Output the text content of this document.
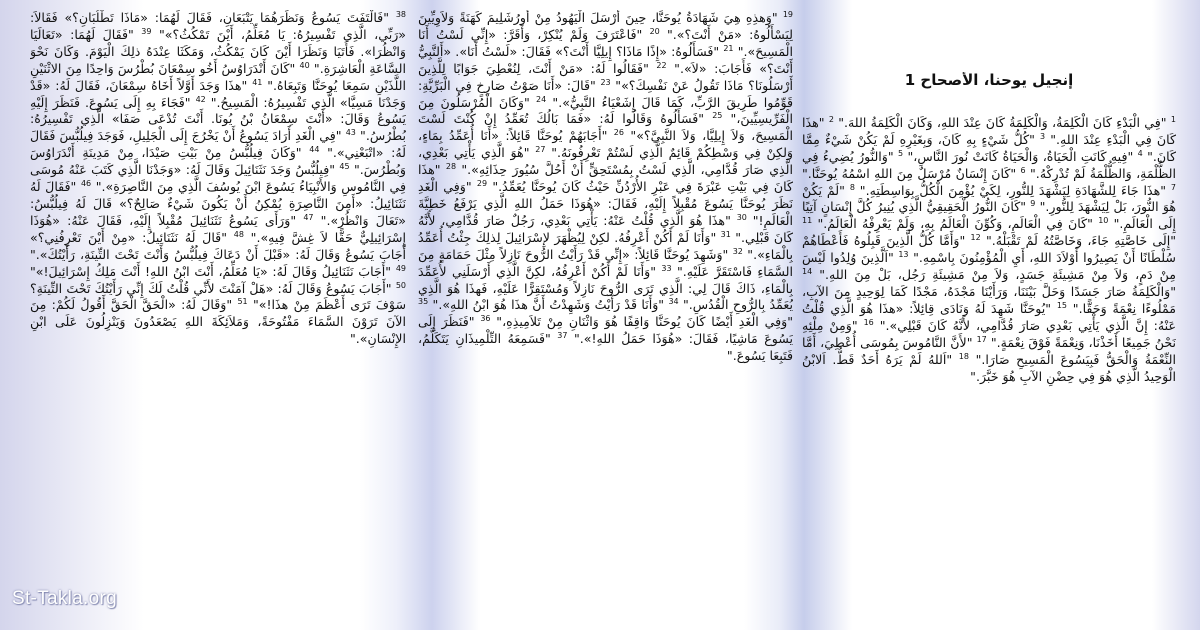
إنجيل يوحنا، الأصحاح 1
$^1$ "فِي الْبَدْءِ كَانَ الْكَلِمَةُ، وَالْكَلِمَةُ كَانَ عِنْدَ اللهِ، وَكَانَ الْكَلِمَةُ اللهَ." $^2$ "هذَا كَانَ فِي الْبَدْءِ عِنْدَ اللهِ." $^3$ "كُلُّ شَيْءٍ بِهِ كَانَ، وَبِغَيْرِهِ لَمْ يَكُنْ شَيْءٌ مِمَّا كَانَ." $^4$ "فِيهِ كَانَتِ الْحَيَاةُ، وَالْحَيَاةُ كَانَتْ نُورَ النَّاسِ،" $^5$ "وَالنُّورُ يُضِيءُ فِي الظُّلْمَةِ، وَالظُّلْمَةُ لَمْ تُدْرِكْهُ." $^6$ "كَانَ إِنْسَانٌ مُرْسَلٌ مِنَ اللهِ اسْمُهُ يُوحَنَّا." $^7$ "هذَا جَاءَ لِلشَّهَادَةِ لِيَشْهَدَ لِلنُّورِ، لِكَيْ يُؤْمِنَ الْكُلُّ بِوَاسِطَتِهِ." $^8$ "لَمْ يَكُنْ هُوَ النُّورَ، بَلْ لِيَشْهَدَ لِلنُّورِ." $^9$ "كَانَ النُّورُ الْحَقِيقِيُّ الَّذِي يُنِيرُ كُلَّ إِنْسَانٍ آتِيًا إِلَى الْعَالَمِ." $^{10}$ "كَانَ فِي الْعَالَمِ، وَكُوِّنَ الْعَالَمُ بِهِ، وَلَمْ يَعْرِفْهُ الْعَالَمُ." $^{11}$ "إِلَى خَاصَّتِهِ جَاءَ، وَخَاصَّتُهُ لَمْ تَقْبَلْهُ." $^{12}$ "وَأَمَّا كُلُّ الَّذِينَ قَبِلُوهُ فَأَعْطَاهُمْ سُلْطَانًا أَنْ يَصِيرُوا أَوْلاَدَ اللهِ، أَيِ الْمُؤْمِنُونَ بِاسْمِهِ." $^{13}$ "اَلَّذِينَ وُلِدُوا لَيْسَ مِنْ دَمٍ، وَلاَ مِنْ مَشِيئَةِ جَسَدٍ، وَلاَ مِنْ مَشِيئَةِ رَجُل، بَلْ مِنَ اللهِ." $^{14}$ "وَالْكَلِمَةُ صَارَ جَسَدًا وَحَلَّ بَيْنَنَا، وَرَأَيْنَا مَجْدَهُ، مَجْدًا كَمَا لِوَحِيدٍ مِنَ الآبِ، مَمْلُوءًا نِعْمَةً وَحَقًّا." $^{15}$ "يُوحَنَّا شَهِدَ لَهُ وَنَادَى قِائِلاً: «هذَا هُوَ الَّذِي قُلْتُ عَنْهُ: إِنَّ الَّذِي يَأْتِي بَعْدِي صَارَ قُدَّامِي، لأَنَّهُ كَانَ قَبْلِي»." $^{16}$ "وَمِنْ مِلْئِهِ نَحْنُ جَمِيعًا أَخَذْنَا، وَنِعْمَةً فَوْقَ نِعْمَةٍ." $^{17}$ "لأَنَّ النَّامُوسَ بِمُوسَى أُعْطِيَ، أَمَّا النِّعْمَةُ وَالْحَقُّ فَبِيَسُوعَ الْمَسِيحِ صَارَا." $^{18}$ "اَللهُ لَمْ يَرَهُ أَحَدٌ قَطُّ. اَلابْنُ الْوَحِيدُ الَّذِي هُوَ فِي حِضْنِ الآبِ هُوَ خَبَّرَ."
$^{19}$ "وَهذِهِ هِيَ شَهَادَةُ يُوحَنَّا، حِينَ أَرْسَلَ الْيَهُودُ مِنْ أُورُشَلِيمَ كَهَنَةً وَلاَوِيِّينَ لِيَسْأَلُوهُ: «مَنْ أَنْتَ؟»." $^{20}$ "فَاعْتَرَفَ وَلَمْ يُنْكِرْ، وَأَقَرَّ: «إِنِّي لَسْتُ أَنَا الْمَسِيحَ»." $^{21}$ "فَسَأَلُوهُ: «إِذًا مَاذَا؟ إِيلِيَّا أَنْتَ؟» فَقَالَ: «لَسْتُ أَنَا». «أَلنَّبِيُّ أَنْتَ؟» فَأَجَابَ: «لاَ»." $^{22}$ "فَقَالُوا لَهُ: «مَنْ أَنْتَ، لِنُعْطِيَ جَوَابًا لِلَّذِينَ أَرْسَلُونَا؟ مَاذَا تَقُولُ عَنْ نَفْسِكَ؟»" $^{23}$ "قَالَ: «أَنَا صَوْتُ صَارِخٍ فِي الْبَرِّيَّةِ: قَوِّمُوا طَرِيقَ الرَّبِّ، كَمَا قَالَ إِشَعْيَاءُ النَّبِيُّ»." $^{24}$ "وَكَانَ الْمُرْسَلُونَ مِنَ الْفَرِّيسِيِّينَ،" $^{25}$ "فَسَأَلُوهُ وَقَالُوا لَهُ: «فَمَا بَالُكَ تُعَمِّدُ إِنْ كُنْتَ لَسْتَ الْمَسِيحَ، وَلاَ إِيلِيَّا، وَلاَ النَّبِيَّ؟»" $^{26}$ "أَجَابَهُمْ يُوحَنَّا قَائِلاً: «أَنَا أُعَمِّدُ بِمَاءٍ، وَلكِنْ فِي وَسْطِكُمْ قَائِمٌ الَّذِي لَسْتُمْ تَعْرِفُونَهُ." $^{27}$ "هُوَ الَّذِي يَأْتِي بَعْدِي، الَّذِي صَارَ قُدَّامِي، الَّذِي لَسْتُ بِمُسْتَحِقٍّ أَنْ أَحُلَّ سُيُورَ حِذَائِهِ»." $^{28}$ "هذَا كَانَ فِي بَيْتِ عَبْرَةَ فِي عَبْرِ الأُرْدُنِّ حَيْثُ كَانَ يُوحَنَّا يُعَمِّدُ." $^{29}$ "وَفِي الْغَدِ نَظَرَ يُوحَنَّا يَسُوعَ مُقْبِلاً إِلَيْهِ، فَقَالَ: «هُوَذَا حَمَلُ اللهِ الَّذِي يَرْفَعُ خَطِيَّةَ الْعَالَمِ!" $^{30}$ "هذَا هُوَ الَّذِي قُلْتُ عَنْهُ: يَأْتِي بَعْدِي، رَجُلٌ صَارَ قُدَّامِي، لأَنَّهُ كَانَ قَبْلِي." $^{31}$ "وَأَنَا لَمْ أَكُنْ أَعْرِفُهُ. لكِنْ لِيُظْهَرَ لإِسْرَائِيلَ لِذلِكَ جِئْتُ أُعَمِّدُ بِالْمَاءِ»." $^{32}$ "وَشَهِدَ يُوحَنَّا قَائِلاً: «إِنِّي قَدْ رَأَيْتُ الرُّوحَ نَازِلاً مِثْلَ حَمَامَةٍ مِنَ السَّمَاءِ فَاسْتَقَرَّ عَلَيْهِ." $^{33}$ "وَأَنَا لَمْ أَكُنْ أَعْرِفُهُ، لكِنَّ الَّذِي أَرْسَلَنِي لأُعَمِّدَ بِالْمَاءِ، ذَاكَ قَالَ لِي: الَّذِي تَرَى الرُّوحَ نَازِلاً وَمُسْتَقِرًّا عَلَيْهِ، فَهذَا هُوَ الَّذِي يُعَمِّدُ بِالرُّوحِ الْقُدُسِ." $^{34}$ "وَأَنَا قَدْ رَأَيْتُ وَشَهِدْتُ أَنَّ هذَا هُوَ ابْنُ اللهِ»." $^{35}$ "وَفِي الْغَدِ أَيْضًا كَانَ يُوحَنَّا وَاقِفًا هُوَ وَاثْنَانِ مِنْ تَلاَمِيذِهِ،" $^{36}$ "فَنَظَرَ إِلَى يَسُوعَ مَاشِيًا، فَقَالَ: «هُوَذَا حَمَلُ اللهِ!»." $^{37}$ "فَسَمِعَهُ التِّلْمِيذَانِ يَتَكَلَّمُ، فَتَبِعَا يَسُوعَ."
$^{38}$ "فَالْتَفَتَ يَسُوعُ وَنَظَرَهُمَا يَتْبَعَانِ، فَقَالَ لَهُمَا: «مَاذَا تَطْلُبَانِ؟» فَقَالاَ: «رَبِّي، الَّذِي تَفْسِيرُهُ: يَا مُعَلِّمُ، أَيْنَ تَمْكُثُ؟»" $^{39}$ "فَقَالَ لَهُمَا: «تَعَالَيَا وَانْظُرَا». فَأَتَيَا وَنَظَرَا أَيْنَ كَانَ يَمْكُثُ، وَمَكَثَا عِنْدَهُ ذلِكَ الْيَوْمَ. وَكَانَ نَحْوَ السَّاعَةِ الْعَاشِرَةِ." $^{40}$ "كَانَ أَنْدَرَاوُسُ أَخُو سِمْعَانَ بُطْرُسَ وَاحِدًا مِنَ الاثْنَيْنِ اللَّذَيْنِ سَمِعَا يُوحَنَّا وَتَبِعَاهُ." $^{41}$ "هذَا وَجَدَ أَوَّلاً أَخَاهُ سِمْعَانَ، فَقَالَ لَهُ: «قَدْ وَجَدْنَا مَسِيَّا» الَّذِي تَفْسِيرُهُ: الْمَسِيحُ." $^{42}$ "فَجَاءَ بِهِ إِلَى يَسُوعَ. فَنَظَرَ إِلَيْهِ يَسُوعُ وَقَالَ: «أَنْتَ سِمْعَانُ بْنُ يُونَا. أَنْتَ تُدْعَى صَفَا» الَّذِي تَفْسِيرُهُ: بُطْرُسُ." $^{43}$ "فِي الْغَدِ أَرَادَ يَسُوعُ أَنْ يَخْرُجَ إِلَى الْجَلِيلِ، فَوَجَدَ فِيلُبُّسَ فَقَالَ لَهُ: «اتْبَعْنِي»." $^{44}$ "وَكَانَ فِيلُبُّسُ مِنْ بَيْتِ صَيْدَا، مِنْ مَدِينَةِ أَنْدَرَاوُسَ وَبُطْرُسَ." $^{45}$ "فِيلُبُّسُ وَجَدَ نَثَنَائِيلَ وَقَالَ لَهُ: «وَجَدْنَا الَّذِي كَتَبَ عَنْهُ مُوسَى فِي النَّامُوسِ وَالأَنْبِيَاءُ يَسُوعَ ابْنَ يُوسُفَ الَّذِي مِنَ النَّاصِرَةِ»." $^{46}$ "فَقَالَ لَهُ نَثَنَائِيلُ: «أَمِنَ النَّاصِرَةِ يُمْكِنُ أَنْ يَكُونَ شَيْءٌ صَالِحٌ؟» قَالَ لَهُ فِيلُبُّسُ: «تَعَالَ وَانْظُرْ»." $^{47}$ "وَرَأَى يَسُوعُ نَثَنَائِيلَ مُقْبِلاً إِلَيْهِ، فَقَالَ عَنْهُ: «هُوَذَا إِسْرَائِيلِيٌّ حَقًّا لاَ غِشَّ فِيهِ»." $^{48}$ "قَالَ لَهُ نَثَنَائِيلُ: «مِنْ أَيْنَ تَعْرِفُنِي؟» أَجَابَ يَسُوعُ وَقَالَ لَهُ: «قَبْلَ أَنْ دَعَاكَ فِيلُبُّسُ وَأَنْتَ تَحْتَ التِّينَةِ، رَأَيْتُكَ»." $^{49}$ "أَجَابَ نَثَنَائِيلُ وَقَالَ لَهُ: «يَا مُعَلِّمُ، أَنْتَ ابْنُ اللهِ! أَنْتَ مَلِكُ إِسْرَائِيلَ!»" $^{50}$ "أَجَابَ يَسُوعُ وَقَالَ لَهُ: «هَلْ آمَنْتَ لأَنِّي قُلْتُ لَكَ إِنِّي رَأَيْتُكَ تَحْتَ التِّينَةِ؟ سَوْفَ تَرَى أَعْظَمَ مِنْ هذَا!»" $^{51}$ "وَقَالَ لَهُ: «الْحَقَّ الْحَقَّ أَقُولُ لَكُمْ: مِنَ الآنَ تَرَوْنَ السَّمَاءَ مَفْتُوحَةً، وَمَلاَئِكَةَ اللهِ يَصْعَدُونَ وَيَنْزِلُونَ عَلَى ابْنِ الإِنْسَانِ»."
St-Takla.org
